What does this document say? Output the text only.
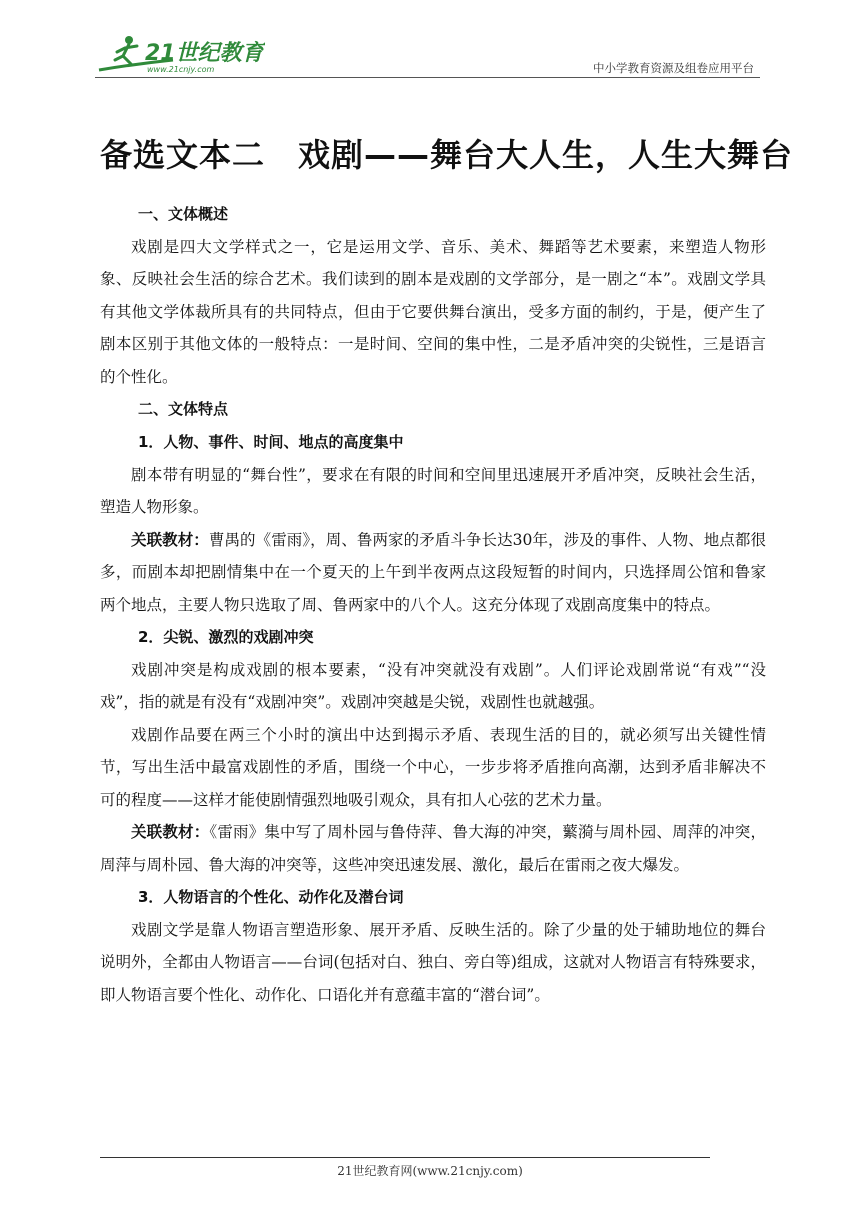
21世纪教育
www.21cnjy.com	中小学教育资源及组卷应用平台
备选文本二　戏剧——舞台大人生，人生大舞台
一、文体概述

戏剧是四大文学样式之一，它是运用文学、音乐、美术、舞蹈等艺术要素，来塑造人物形象、反映社会生活的综合艺术。我们读到的剧本是戏剧的文学部分，是一剧之“本”。戏剧文学具有其他文学体裁所具有的共同特点，但由于它要供舞台演出，受多方面的制约，于是，便产生了剧本区别于其他文体的一般特点：一是时间、空间的集中性，二是矛盾冲突的尖锐性，三是语言的个性化。

二、文体特点
1．人物、事件、时间、地点的高度集中

剧本带有明显的“舞台性”，要求在有限的时间和空间里迅速展开矛盾冲突，反映社会生活，塑造人物形象。

关联教材：曹禺的《雷雨》，周、鲁两家的矛盾斗争长达30年，涉及的事件、人物、地点都很多，而剧本却把剧情集中在一个夏天的上午到半夜两点这段短暂的时间内，只选择周公馆和鲁家两个地点，主要人物只选取了周、鲁两家中的八个人。这充分体现了戏剧高度集中的特点。

2．尖锐、激烈的戏剧冲突

戏剧冲突是构成戏剧的根本要素，“没有冲突就没有戏剧”。人们评论戏剧常说“有戏”“没戏”，指的就是有没有“戏剧冲突”。戏剧冲突越是尖锐，戏剧性也就越强。

戏剧作品要在两三个小时的演出中达到揭示矛盾、表现生活的目的，就必须写出关键性情节，写出生活中最富戏剧性的矛盾，围绕一个中心，一步步将矛盾推向高潮，达到矛盾非解决不可的程度——这样才能使剧情强烈地吸引观众，具有扣人心弦的艺术力量。

关联教材：《雷雨》集中写了周朴园与鲁侍萍、鲁大海的冲突，蘩漪与周朴园、周萍的冲突，周萍与周朴园、鲁大海的冲突等，这些冲突迅速发展、激化，最后在雷雨之夜大爆发。

3．人物语言的个性化、动作化及潜台词

戏剧文学是靠人物语言塑造形象、展开矛盾、反映生活的。除了少量的处于辅助地位的舞台说明外，全都由人物语言——台词(包括对白、独白、旁白等)组成，这就对人物语言有特殊要求，即人物语言要个性化、动作化、口语化并有意蕴丰富的“潜台词”。

21世纪教育网(www.21cnjy.com)
